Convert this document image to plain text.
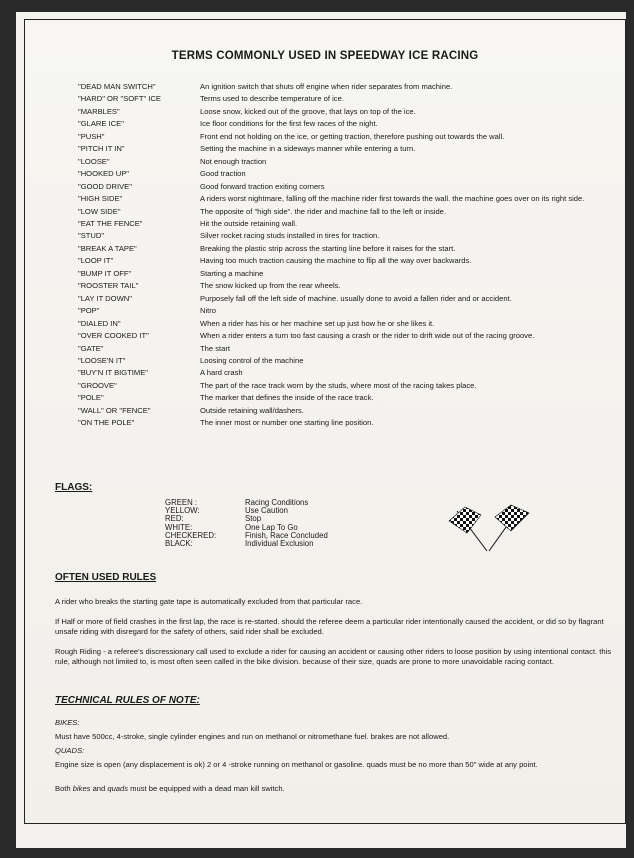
TERMS COMMONLY USED IN SPEEDWAY ICE RACING
"DEAD MAN SWITCH"	An ignition switch that shuts off engine when rider separates from machine.
"HARD" OR "SOFT" ICE	Terms used to describe temperature of ice.
"MARBLES"	Loose snow, kicked out of the groove, that lays on top of the ice.
"GLARE ICE"	Ice floor conditions for the first few races of the night.
"PUSH"	Front end not holding on the ice, or getting traction, therefore pushing out towards the wall.
"PITCH IT IN"	Setting the machine in a sideways manner while entering a turn.
"LOOSE"	Not enough traction
"HOOKED UP"	Good traction
"GOOD DRIVE"	Good forward traction exiting corners
"HIGH SIDE"	A riders worst nightmare, falling off the machine rider first towards the wall. the machine goes over on its right side.
"LOW SIDE"	The opposite of "high side". the rider and machine fall to the left or inside.
"EAT THE FENCE"	Hit the outside retaining wall.
"STUD"	Silver rocket racing studs installed in tires for traction.
"BREAK A TAPE"	Breaking the plastic strip across the starting line before it raises for the start.
"LOOP IT"	Having too much traction causing the machine to flip all the way over backwards.
"BUMP IT OFF"	Starting a machine
"ROOSTER TAIL"	The snow kicked up from the rear wheels.
"LAY IT DOWN"	Purposely fall off the left side of machine. usually done to avoid a fallen rider and or accident.
"POP"	Nitro
"DIALED IN"	When a rider has his or her machine set up just how he or she likes it.
"OVER COOKED IT"	When a rider enters a turn too fast causing a crash or the rider to drift wide out of the racing groove.
"GATE"	The start
"LOOSE'N IT"	Loosing control of the machine
"BUY'N IT BIGTIME"	A hard crash
"GROOVE"	The part of the race track worn by the studs, where most of the racing takes place.
"POLE"	The marker that defines the inside of the race track.
"WALL" OR "FENCE"	Outside retaining wall/dashers.
"ON THE POLE"	The inner most or number one starting line position.
FLAGS:
GREEN :	Racing Conditions
YELLOW:	Use Caution
RED:	Stop
WHITE:	One Lap To Go
CHECKERED:	Finish, Race Concluded
BLACK:	Individual Exclusion
OFTEN USED RULES
A rider who breaks the starting gate tape is automatically excluded from that particular race.
If Half or more of field crashes in the first lap, the race is re-started. should the referee deem a particular rider intentionally caused the accident, or did so by flagrant unsafe riding with disregard for the safety of others, said rider shall be excluded.
Rough Riding - a referee's discressionary call used to exclude a rider for causing an accident or causing other riders to loose position by using intentional contact. this rule, although not limited to, is most often seen called in the bike division. because of their size, quads are prone to more unavoidable racing contact.
TECHNICAL RULES OF NOTE:
BIKES:
Must have 500cc, 4-stroke, single cylinder engines and run on methanol or nitromethane fuel. brakes are not allowed.
QUADS:
Engine size is open (any displacement is ok) 2 or 4 -stroke running on methanol or gasoline. quads must be no more than 50" wide at any point.
Both bikes and quads must be equipped with a dead man kill switch.
